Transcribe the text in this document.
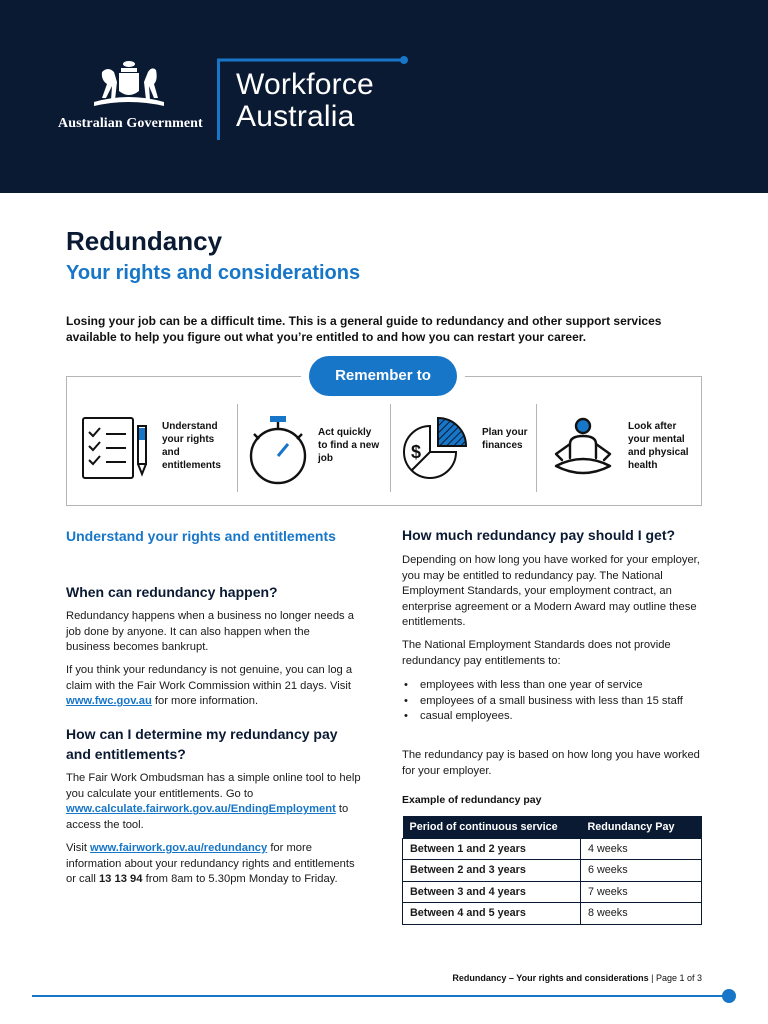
Australian Government
Workforce
Australia
Redundancy
Your rights and considerations

Losing your job can be a difficult time. This is a general guide to redundancy and other support services available to help you figure out what you’re entitled to and how you can restart your career.

Remember to
Understand your rights and entitlements
Act quickly to find a new job	$
Plan your finances
Look after your mental and physical health
Understand your rights and entitlements
When can redundancy happen?

Redundancy happens when a business no longer needs a job done by anyone. It can also happen when the business becomes bankrupt.

If you think your redundancy is not genuine, you can log a claim with the Fair Work Commission within 21 days. Visit www.fwc.gov.au for more information.

How can I determine my redundancy pay and entitlements?

The Fair Work Ombudsman has a simple online tool to help you calculate your entitlements. Go to www.calculate.fairwork.gov.au/EndingEmployment to access the tool.

Visit www.fairwork.gov.au/redundancy for more information about your redundancy rights and entitlements or call 13 13 94 from 8am to 5.30pm Monday to Friday.

How much redundancy pay should I get?

Depending on how long you have worked for your employer, you may be entitled to redundancy pay. The National Employment Standards, your employment contract, an enterprise agreement or a Modern Award may outline these entitlements.

The National Employment Standards does not provide redundancy pay entitlements to:

• employees with less than one year of service
• employees of a small business with less than 15 staff
• casual employees.

The redundancy pay is based on how long you have worked for your employer.

Example of redundancy pay
Period of continuous service	Redundancy Pay
Between 1 and 2 years	4 weeks
Between 2 and 3 years	6 weeks
Between 3 and 4 years	7 weeks
Between 4 and 5 years	8 weeks
Redundancy – Your rights and considerations | Page 1 of 3
